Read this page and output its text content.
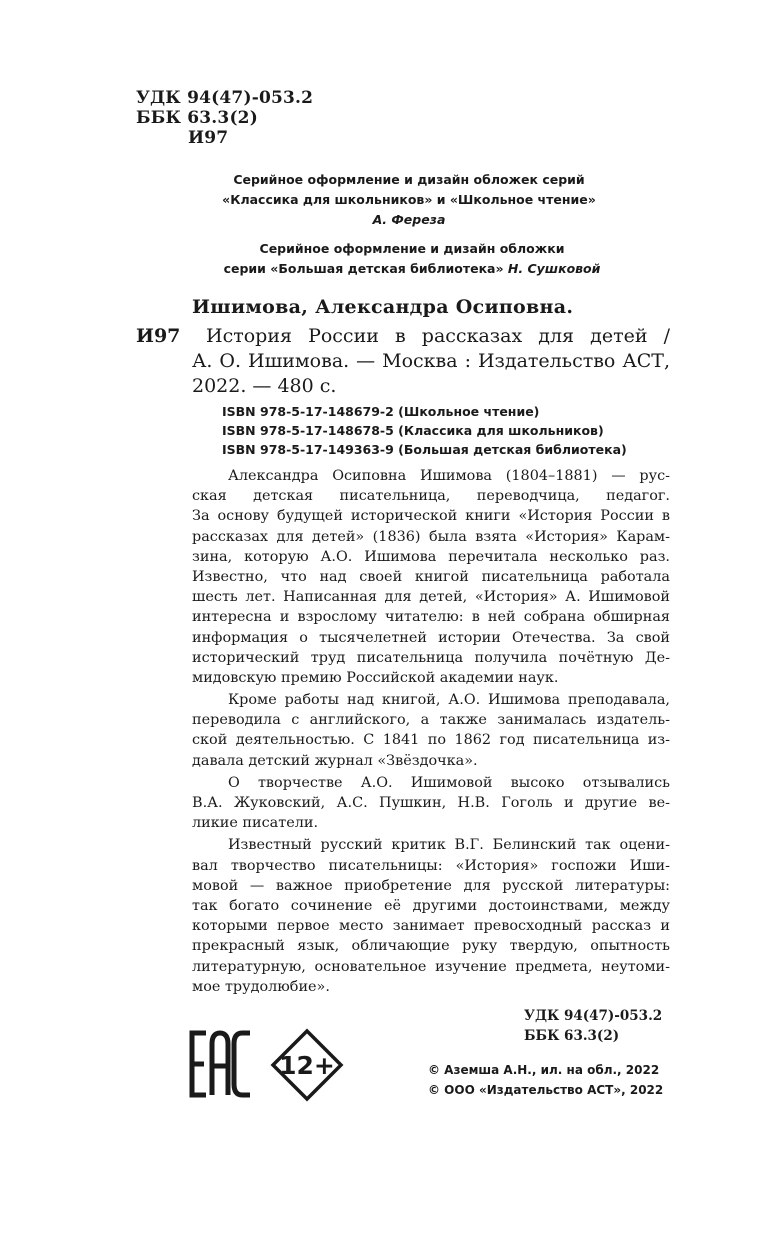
УДК 94(47)-053.2
ББК 63.3(2)
И97
Серийное оформление и дизайн обложек серий
«Классика для школьников» и «Школьное чтение»
А. Фереза
Серийное оформление и дизайн обложки
серии «Большая детская библиотека» Н. Сушковой
Ишимова, Александра Осиповна.
И97	История России в рассказах для детей /
А. О. Ишимова. — Москва : Издательство АСТ,
2022. — 480 с.
ISBN 978-5-17-148679-2 (Школьное чтение)
ISBN 978-5-17-148678-5 (Классика для школьников)
ISBN 978-5-17-149363-9 (Большая детская библиотека)
Александра Осиповна Ишимова (1804–1881) — рус-
ская детская писательница, переводчица, педагог.
За основу будущей исторической книги «История России в
рассказах для детей» (1836) была взята «История» Карам-
зина, которую А.О. Ишимова перечитала несколько раз.
Известно, что над своей книгой писательница работала
шесть лет. Написанная для детей, «История» А. Ишимовой
интересна и взрослому читателю: в ней собрана обширная
информация о тысячелетней истории Отечества. За свой
исторический труд писательница получила почётную Де-
мидовскую премию Российской академии наук.
Кроме работы над книгой, А.О. Ишимова преподавала,
переводила с английского, а также занималась издатель-
ской деятельностью. С 1841 по 1862 год писательница из-
давала детский журнал «Звёздочка».
О творчестве А.О. Ишимовой высоко отзывались
В.А. Жуковский, А.С. Пушкин, Н.В. Гоголь и другие ве-
ликие писатели.
Известный русский критик В.Г. Белинский так оцени-
вал творчество писательницы: «История» госпожи Иши-
мовой — важное приобретение для русской литературы:
так богато сочинение её другими достоинствами, между
которыми первое место занимает превосходный рассказ и
прекрасный язык, обличающие руку твердую, опытность
литературную, основательное изучение предмета, неутоми-
мое трудолюбие».
УДК 94(47)-053.2
ББК 63.3(2)
© Аземша А.Н., ил. на обл., 2022
© ООО «Издательство АСТ», 2022
12+
